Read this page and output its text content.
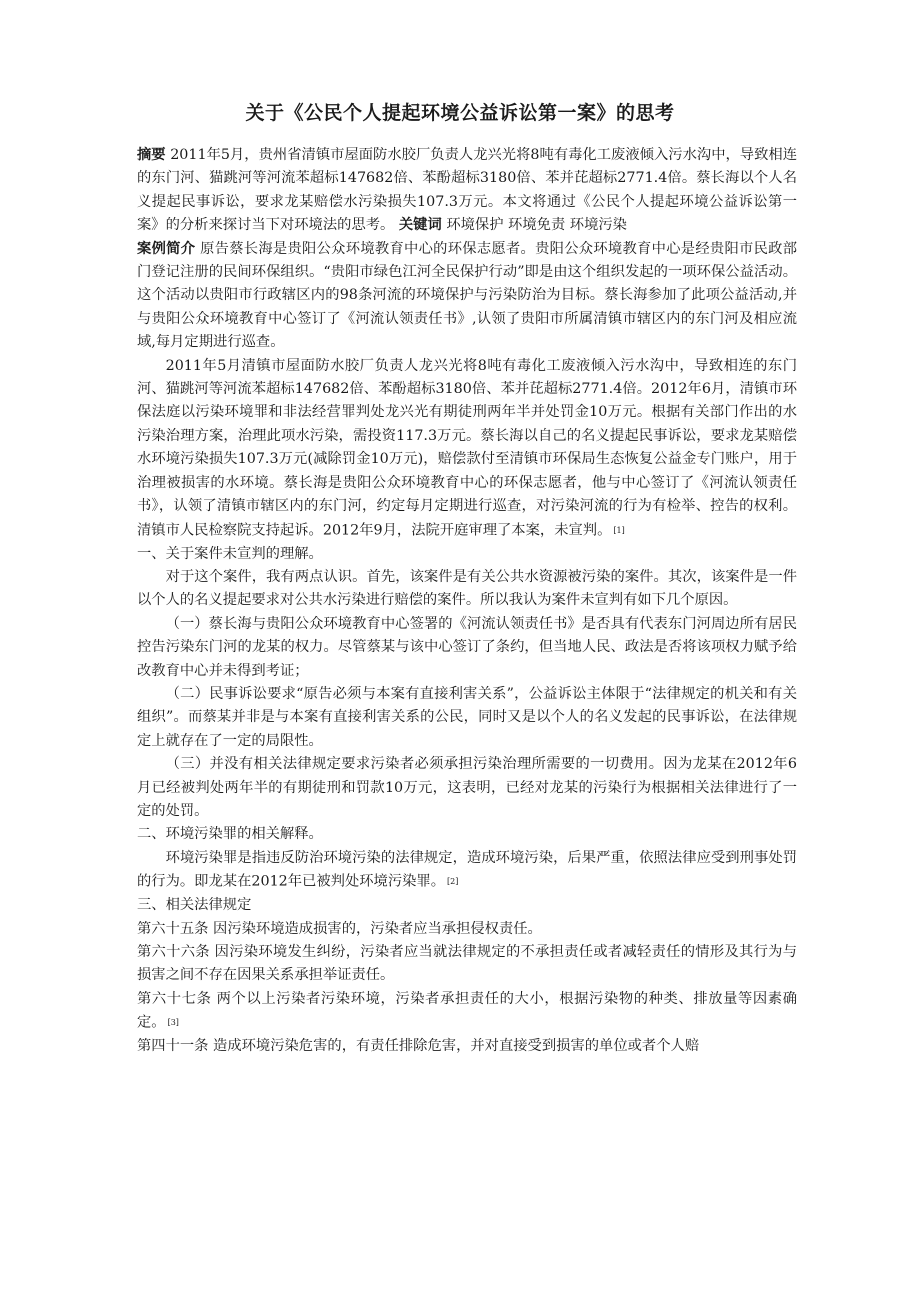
关于《公民个人提起环境公益诉讼第一案》的思考

摘要 2011年5月，贵州省清镇市屋面防水胶厂负责人龙兴光将8吨有毒化工废液倾入污水沟中，导致相连的东门河、猫跳河等河流苯超标147682倍、苯酚超标3180倍、苯并芘超标2771.4倍。蔡长海以个人名义提起民事诉讼，要求龙某赔偿水污染损失107.3万元。本文将通过《公民个人提起环境公益诉讼第一案》的分析来探讨当下对环境法的思考。 关键词 环境保护 环境免责 环境污染

案例简介 原告蔡长海是贵阳公众环境教育中心的环保志愿者。贵阳公众环境教育中心是经贵阳市民政部门登记注册的民间环保组织。“贵阳市绿色江河全民保护行动”即是由这个组织发起的一项环保公益活动。这个活动以贵阳市行政辖区内的98条河流的环境保护与污染防治为目标。蔡长海参加了此项公益活动,并与贵阳公众环境教育中心签订了《河流认领责任书》,认领了贵阳市所属清镇市辖区内的东门河及相应流域,每月定期进行巡查。

2011年5月清镇市屋面防水胶厂负责人龙兴光将8吨有毒化工废液倾入污水沟中，导致相连的东门河、猫跳河等河流苯超标147682倍、苯酚超标3180倍、苯并芘超标2771.4倍。2012年6月，清镇市环保法庭以污染环境罪和非法经营罪判处龙兴光有期徒刑两年半并处罚金10万元。根据有关部门作出的水污染治理方案，治理此项水污染，需投资117.3万元。蔡长海以自己的名义提起民事诉讼，要求龙某赔偿水环境污染损失107.3万元(减除罚金10万元)，赔偿款付至清镇市环保局生态恢复公益金专门账户，用于治理被损害的水环境。蔡长海是贵阳公众环境教育中心的环保志愿者，他与中心签订了《河流认领责任书》，认领了清镇市辖区内的东门河，约定每月定期进行巡查，对污染河流的行为有检举、控告的权利。清镇市人民检察院支持起诉。2012年9月，法院开庭审理了本案，未宣判。 [1]

一、关于案件未宣判的理解。

对于这个案件，我有两点认识。首先，该案件是有关公共水资源被污染的案件。其次，该案件是一件以个人的名义提起要求对公共水污染进行赔偿的案件。所以我认为案件未宣判有如下几个原因。

（一）蔡长海与贵阳公众环境教育中心签署的《河流认领责任书》是否具有代表东门河周边所有居民控告污染东门河的龙某的权力。尽管蔡某与该中心签订了条约，但当地人民、政法是否将该项权力赋予给改教育中心并未得到考证；

（二）民事诉讼要求“原告必须与本案有直接利害关系”，公益诉讼主体限于“法律规定的机关和有关组织”。而蔡某并非是与本案有直接利害关系的公民，同时又是以个人的名义发起的民事诉讼，在法律规定上就存在了一定的局限性。

（三）并没有相关法律规定要求污染者必须承担污染治理所需要的一切费用。因为龙某在2012年6月已经被判处两年半的有期徒刑和罚款10万元，这表明，已经对龙某的污染行为根据相关法律进行了一定的处罚。

二、环境污染罪的相关解释。

环境污染罪是指违反防治环境污染的法律规定，造成环境污染，后果严重，依照法律应受到刑事处罚的行为。即龙某在2012年已被判处环境污染罪。 [2]

三、相关法律规定

第六十五条 因污染环境造成损害的，污染者应当承担侵权责任。

第六十六条 因污染环境发生纠纷，污染者应当就法律规定的不承担责任或者减轻责任的情形及其行为与损害之间不存在因果关系承担举证责任。

第六十七条 两个以上污染者污染环境，污染者承担责任的大小，根据污染物的种类、排放量等因素确定。 [3]

第四十一条 造成环境污染危害的，有责任排除危害，并对直接受到损害的单位或者个人赔
